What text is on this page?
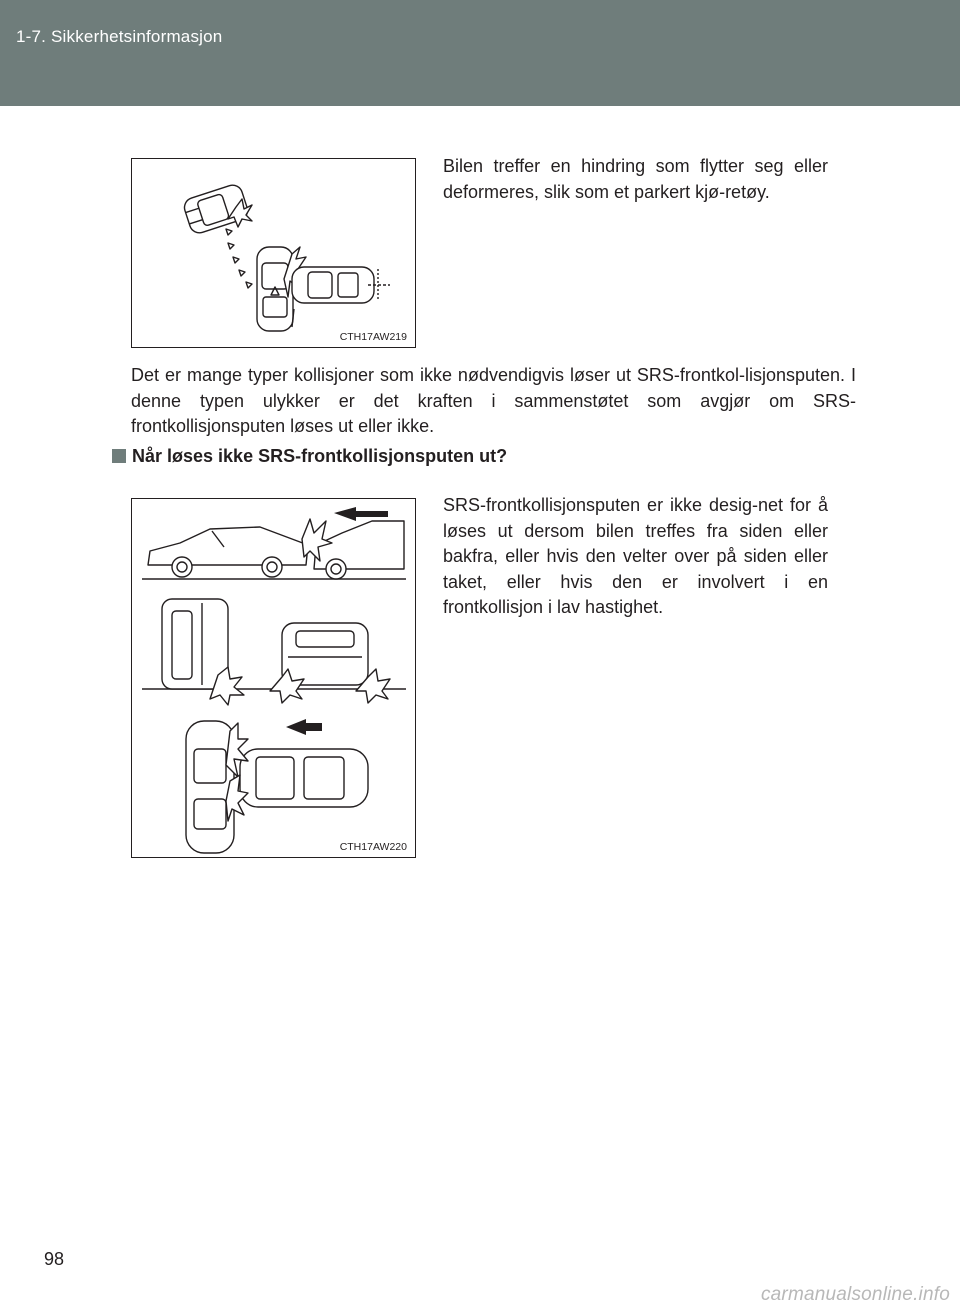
1-7. Sikkerhetsinformasjon
CTH17AW219
Bilen treffer en hindring som flytter seg eller deformeres, slik som et parkert kjø-retøy.
Det er mange typer kollisjoner som ikke nødvendigvis løser ut SRS-frontkol-lisjonsputen. I denne typen ulykker er det kraften i sammenstøtet som avgjør om SRS-frontkollisjonsputen løses ut eller ikke.
Når løses ikke SRS-frontkollisjonsputen ut?
CTH17AW220
SRS-frontkollisjonsputen er ikke desig-net for å løses ut dersom bilen treffes fra siden eller bakfra, eller hvis den velter over på siden eller taket, eller hvis den er involvert i en frontkollisjon i lav hastighet.
98
carmanualsonline.info
